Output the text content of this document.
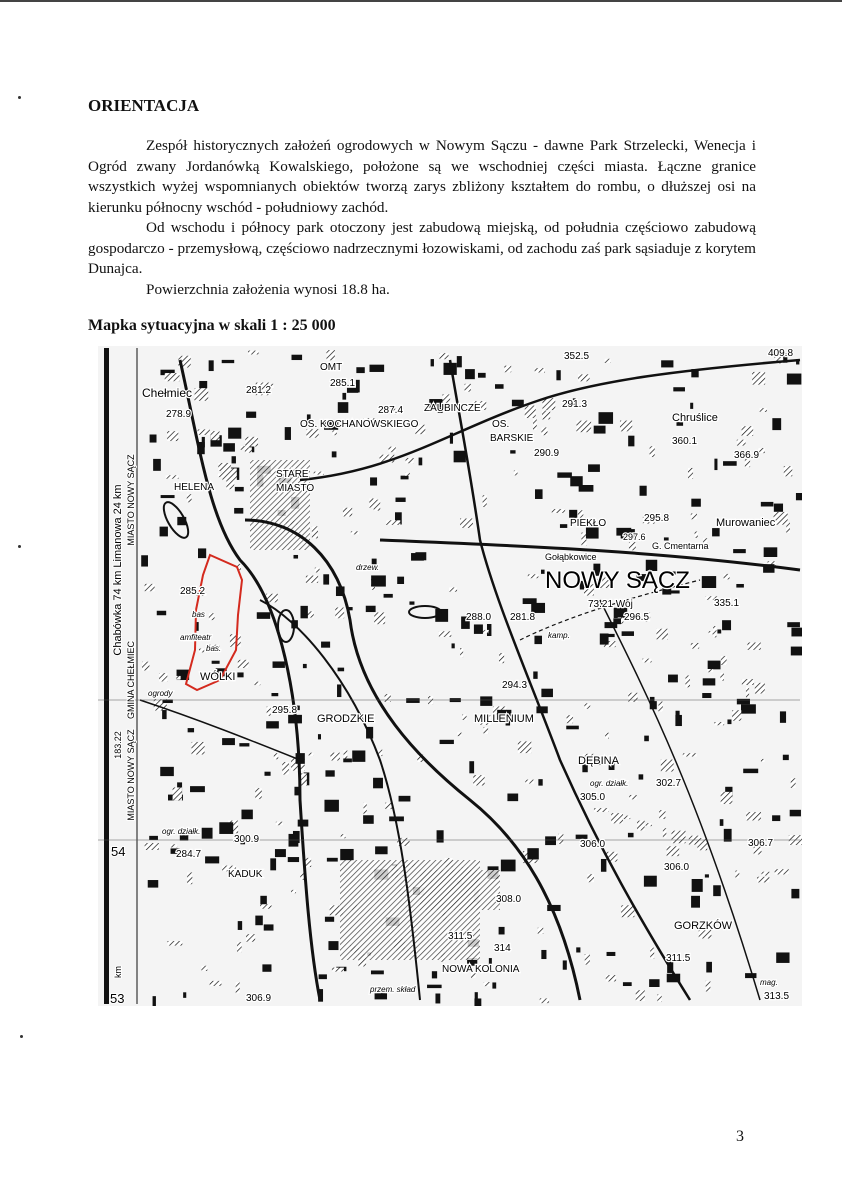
ORIENTACJA

Zespół historycznych założeń ogrodowych w Nowym Sączu - dawne Park Strzelecki, Wenecja i Ogród zwany Jordanówką Kowalskiego, położone są we wschodniej części miasta. Łączne granice wszystkich wyżej wspomnianych obiektów tworzą zarys zbliżony kształtem do rombu, o dłuższej osi na kierunku północny wschód - południowy zachód.

Od wschodu i północy park otoczony jest zabudową miejską, od południa częściowo zabudową gospodarczo - przemysłową, częściowo nadrzecznymi łozowiskami, od zachodu zaś park sąsiaduje z korytem Dunajca.

Powierzchnia założenia wynosi 18.8 ha.

Mapka sytuacyjna w skali 1 : 25 000
Chabówka 74 km Limanowa 24 km MIASTO NOWY SĄCZ
GMINA CHEŁMIEC
183.22 MIASTO NOWY SĄCZ
54
53
km
Chełmiec
278.9
281.2
OMT
285.1
287.4 ZAUBINCZE
OS. KOCHANOWSKIEGO	OS.
BARSKIE
291.3
290.9
352.5	409.8
Chruślice
360.1
366.9
HELENA
STARE
MIASTO
PIEKŁO	295.8	Murowaniec
297.6
Gołąbkowice
G. Cmentarna
NOWY SĄCZ
73.21 Woj	335.1
285.2
bas
amfiteatr
bas.
WÓLKI
ogrody
288.0 281.8	296.5
295.8
GRODZKIE
294.3
MILLENIUM
DĘBINA
302.7
305.0
300.9
284.7
KADUK
306.0
306.0
306.7
308.0
311.5
314
NOWA KOLONIA
GORZKÓW
311.5
306.9	313.5
drzew.
kamp.
ogr. działk.
ogr. działk.
przem. skład
mag.
3
